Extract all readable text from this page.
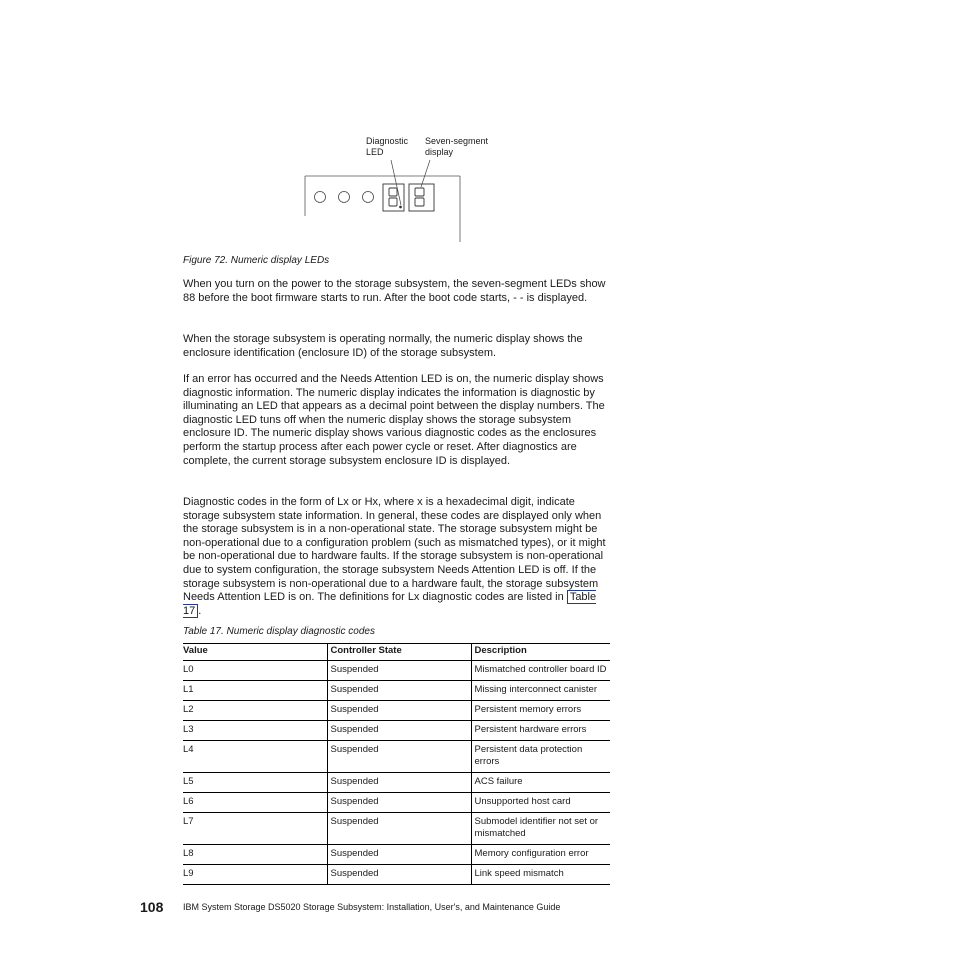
Diagnostic
LED
Seven-segment
display
Figure 72. Numeric display LEDs

When you turn on the power to the storage subsystem, the seven-segment LEDs show 88 before the boot firmware starts to run. After the boot code starts, - - is displayed.

When the storage subsystem is operating normally, the numeric display shows the enclosure identification (enclosure ID) of the storage subsystem.

If an error has occurred and the Needs Attention LED is on, the numeric display shows diagnostic information. The numeric display indicates the information is diagnostic by illuminating an LED that appears as a decimal point between the display numbers. The diagnostic LED tuns off when the numeric display shows the storage subsystem enclosure ID. The numeric display shows various diagnostic codes as the enclosures perform the startup process after each power cycle or reset. After diagnostics are complete, the current storage subsystem enclosure ID is displayed.

Diagnostic codes in the form of Lx or Hx, where x is a hexadecimal digit, indicate storage subsystem state information. In general, these codes are displayed only when the storage subsystem is in a non-operational state. The storage subsystem might be non-operational due to a configuration problem (such as mismatched types), or it might be non-operational due to hardware faults. If the storage subsystem is non-operational due to system configuration, the storage subsystem Needs Attention LED is off. If the storage subsystem is non-operational due to a hardware fault, the storage subsystem Needs Attention LED is on. The definitions for Lx diagnostic codes are listed in Table 17 .

Table 17. Numeric display diagnostic codes
Value	Controller State	Description
L0	Suspended	Mismatched controller board ID
L1	Suspended	Missing interconnect canister
L2	Suspended	Persistent memory errors
L3	Suspended	Persistent hardware errors
L4	Suspended	Persistent data protection errors
L5	Suspended	ACS failure
L6	Suspended	Unsupported host card
L7	Suspended	Submodel identifier not set or mismatched
L8	Suspended	Memory configuration error
L9	Suspended	Link speed mismatch
108 IBM System Storage DS5020 Storage Subsystem: Installation, User's, and Maintenance Guide
